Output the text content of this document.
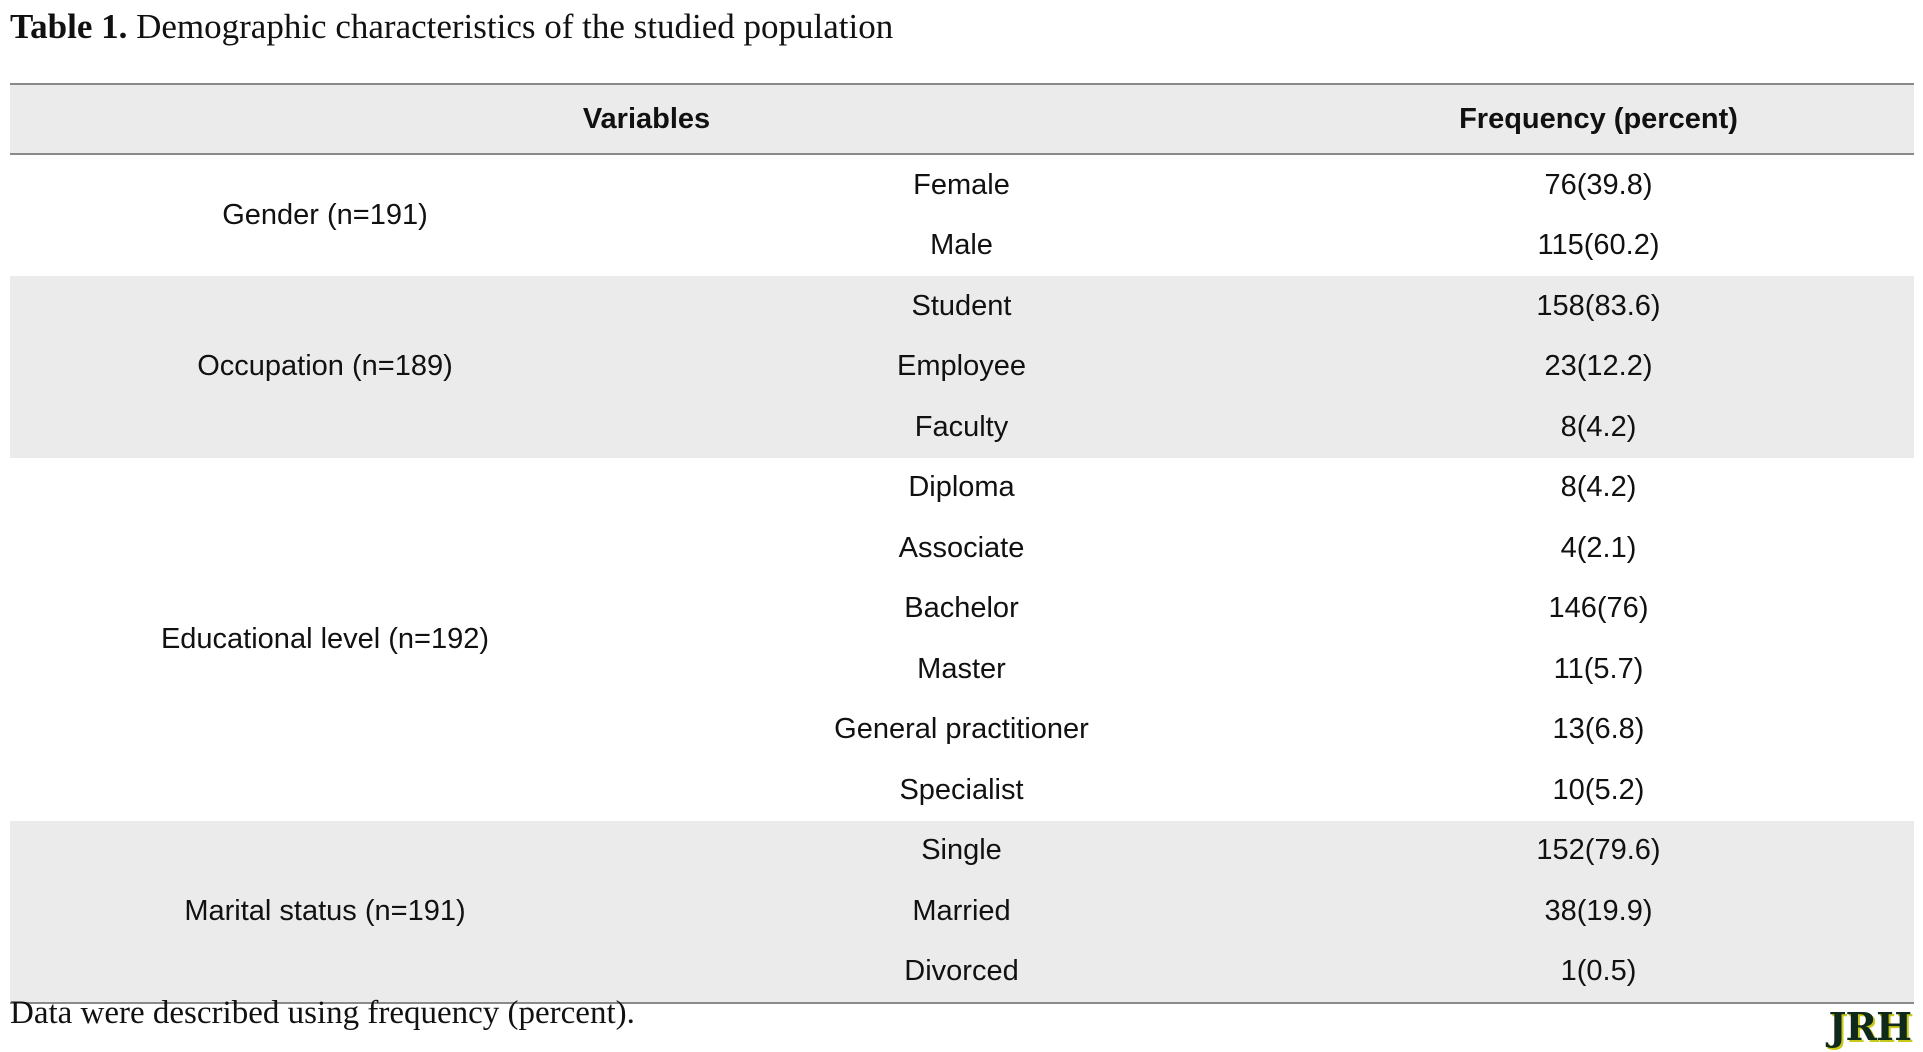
Table 1. Demographic characteristics of the studied population
Variables		Frequency (percent)
Gender (n=191)	Female	76(39.8)
	Male	115(60.2)
Occupation (n=189)	Student	158(83.6)
	Employee	23(12.2)
	Faculty	8(4.2)
Educational level (n=192)	Diploma	8(4.2)
	Associate	4(2.1)
	Bachelor	146(76)
	Master	11(5.7)
	General practitioner	13(6.8)
	Specialist	10(5.2)
Marital status (n=191)	Single	152(79.6)
	Married	38(19.9)
	Divorced	1(0.5)
Data were described using frequency (percent).	JRH
